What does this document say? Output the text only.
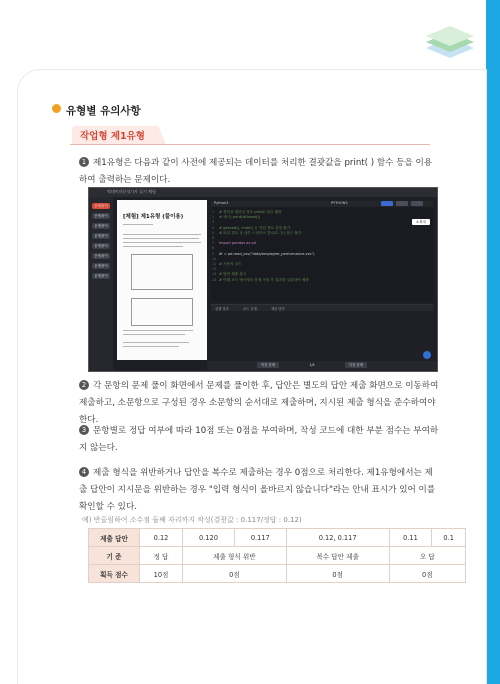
유형별 유의사항
작업형 제1유형
1 제1유형은 다음과 같이 사전에 제공되는 데이터를 처리한 결괏값을 print( ) 함수 등을 이용하여 출력하는 문제이다.
빅데이터분석기사 실기 체험
문제풀이
문제풀이
문제풀이
문제풀이
문제풀이
문제풀이
문제풀이
문제풀이
[체험] 제1유형 (풀이용)
Python3	PYTHON3
A 확대
1 # 출력을 원하실 경우 print() 함수 활용
2 # 예시) print(df.head())
3
4 # getcwd(), chdir() 등 작업 경로 설정 불가
5 # 파일 경로 상 내부 드라이브 경로(C: 등) 접근 불가
6
7 import pandas as pd
8
9 df = pd.read_csv("data/employee_performance.csv")
10
11 # 사용자 코드
12
13 # 답안 제출 참고
14 # 아래 코드 예시에서 문제 작성 후 결과를 입력하여 제출
실행 결과	코드 실행	제출 답안
이전 문제	1/4	다음 문제
2 각 문항의 문제 풀이 화면에서 문제를 풀이한 후, 답안은 별도의 답안 제출 화면으로 이동하여 제출하고, 소문항으로 구성된 경우 소문항의 순서대로 제출하며, 지시된 제출 형식을 준수하여야 한다.
3 문항별로 정답 여부에 따라 10점 또는 0점을 부여하며, 작성 코드에 대한 부분 점수는 부여하지 않는다.
4 제출 형식을 위반하거나 답안을 복수로 제출하는 경우 0점으로 처리한다. 제1유형에서는 제출 답안이 지시문을 위반하는 경우 "입력 형식이 올바르지 않습니다"라는 안내 표시가 있어 이를 확인할 수 있다.
예) 반올림하여 소수점 둘째 자리까지 작성(결괏값 : 0.117/정답 : 0.12)
제출 답안	0.12	0.120	0.117	0.12, 0.117	0.11	0.1
기 준	정 답	제출 형식 위반		복수 답안 제출	오 답	
획득 점수	10점	0점		0점	0점	
